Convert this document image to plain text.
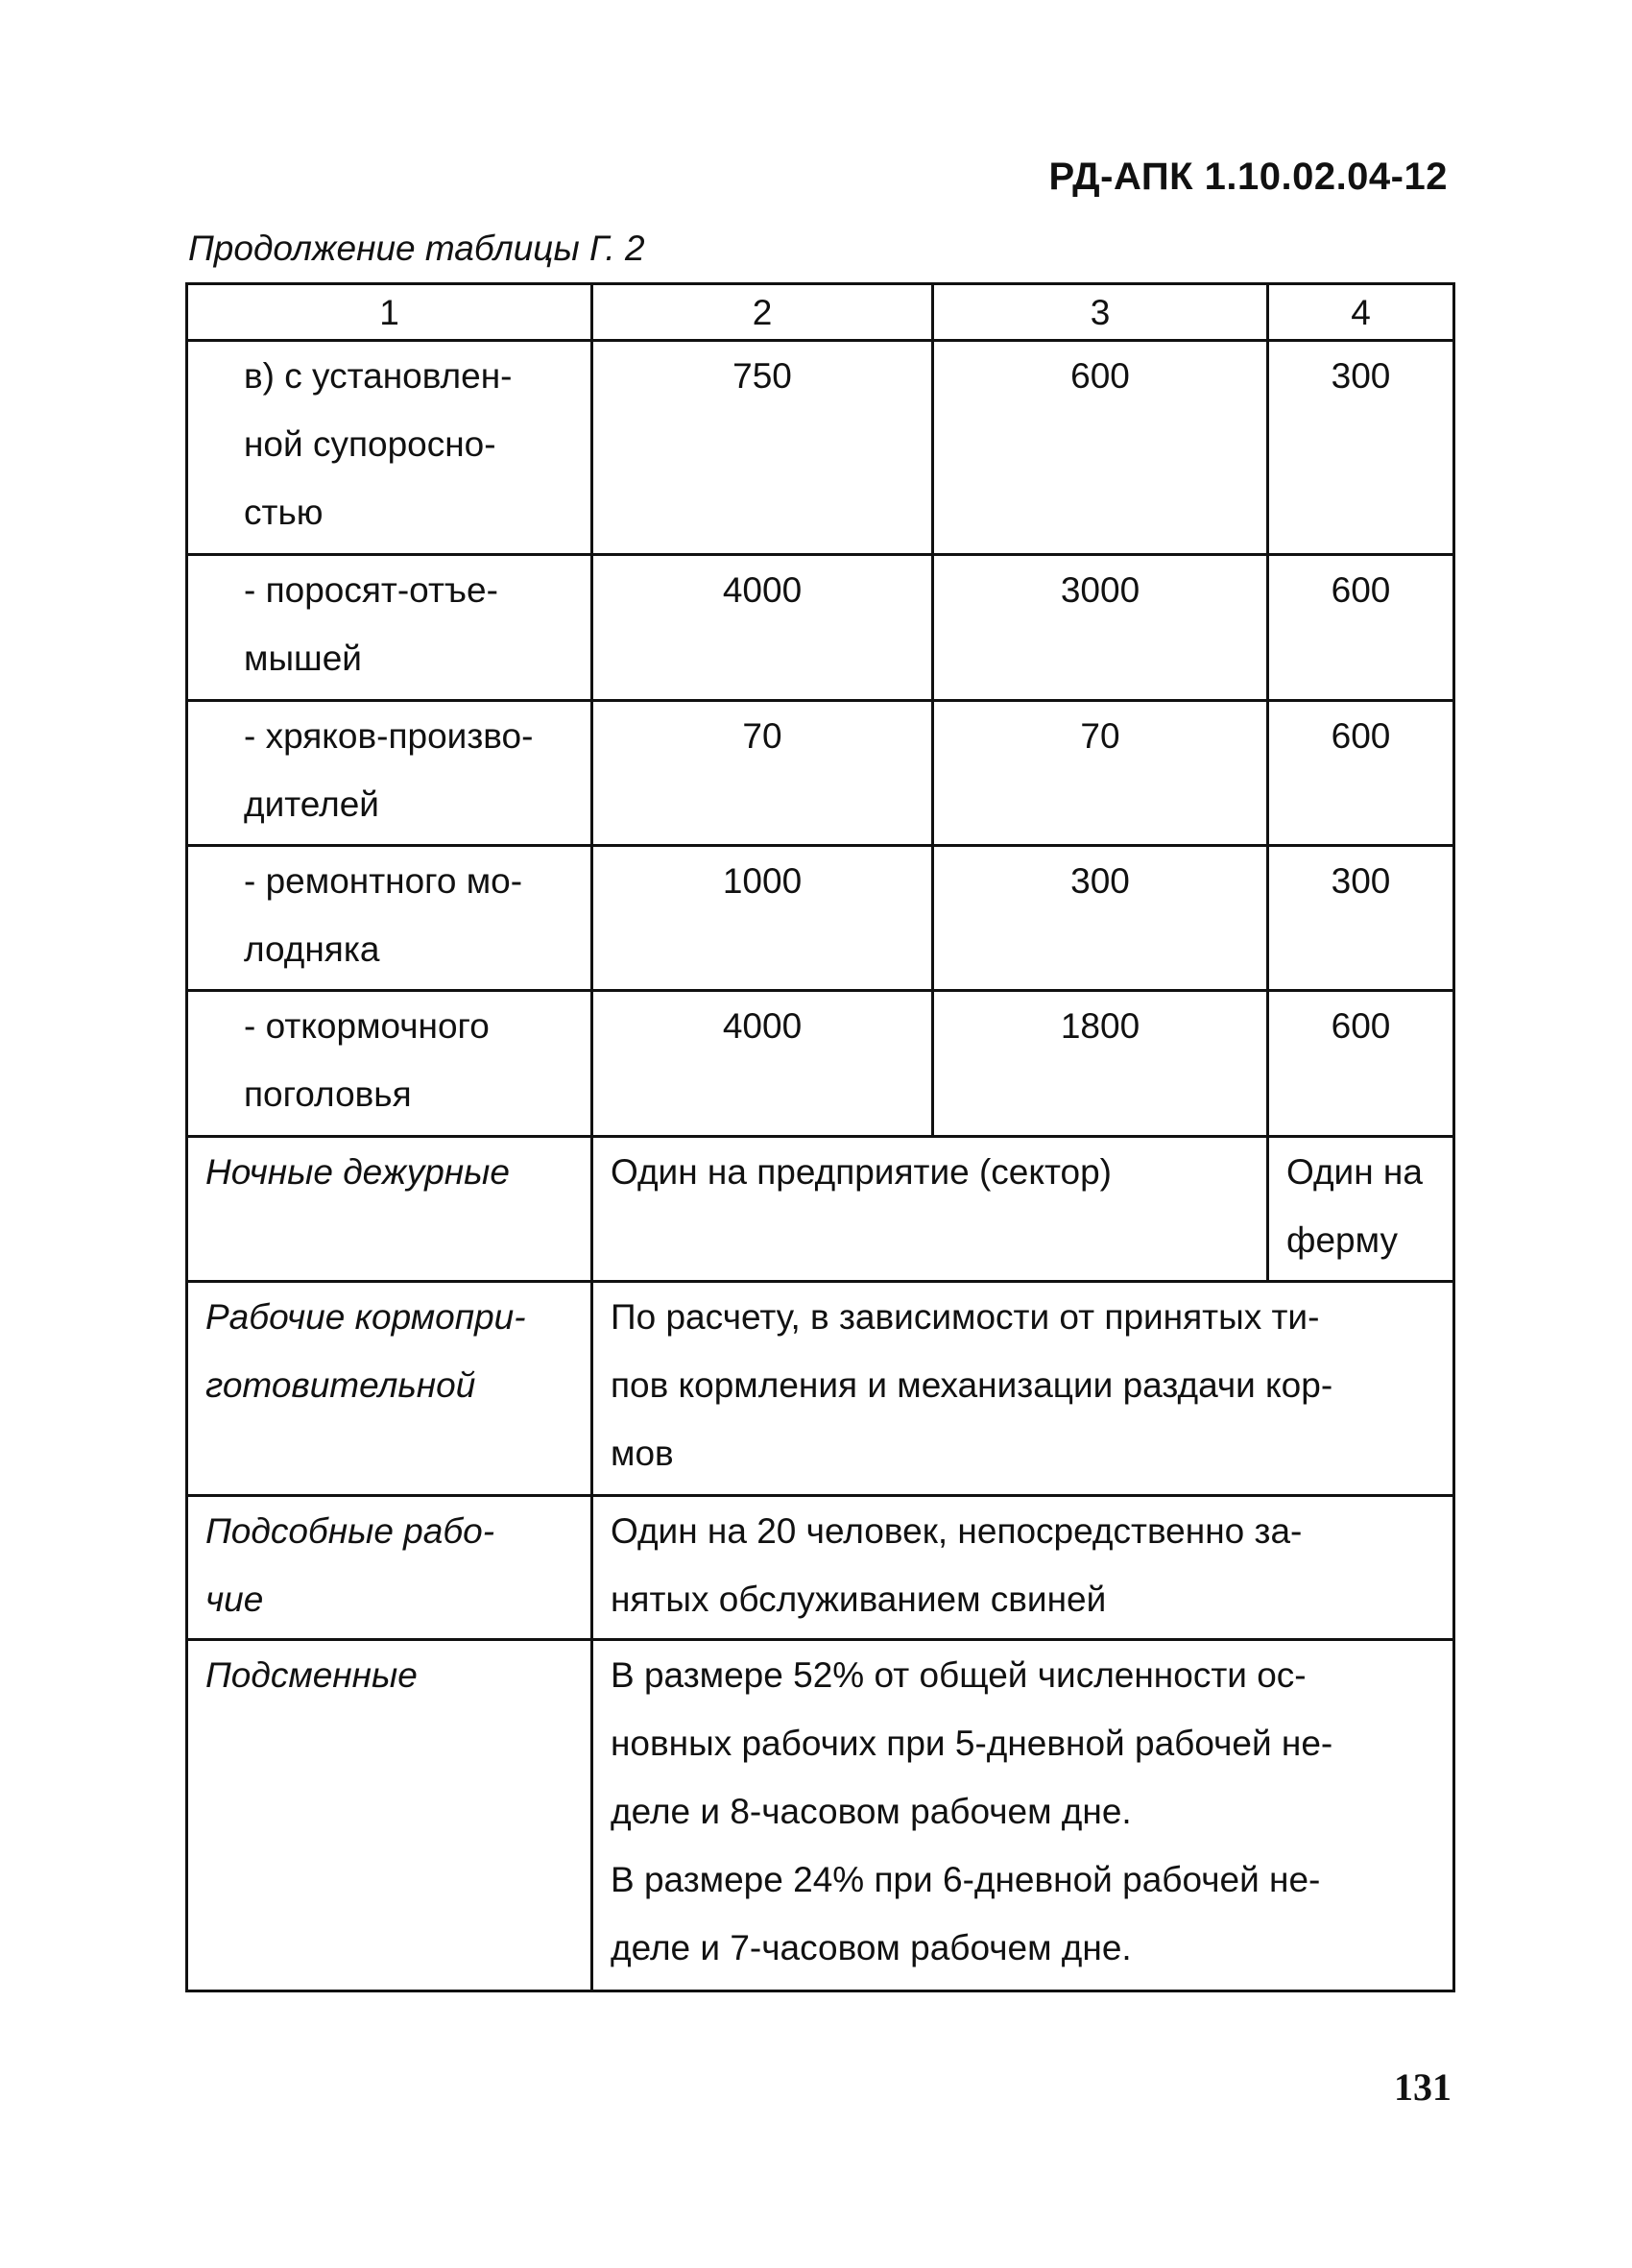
РД-АПК 1.10.02.04-12
Продолжение таблицы Г. 2
1	2	3	4
в) с установлен-
ной супоросно-
стью	750	600	300
- поросят-отъе-
мышей	4000	3000	600
- хряков-произво-
дителей	70	70	600
- ремонтного мо-
лодняка	1000	300	300
- откормочного
поголовья	4000	1800	600
Ночные дежурные	Один на предприятие (сектор)		Один на
ферму
Рабочие кормопри-
готовительной	По расчету, в зависимости от принятых ти-
пов кормления и механизации раздачи кор-
мов		
Подсобные рабо-
чие	Один на 20 человек, непосредственно за-
нятых обслуживанием свиней		
Подсменные	В размере 52% от общей численности ос-
новных рабочих при 5-дневной рабочей не-
деле и 8-часовом рабочем дне.
В размере 24% при 6-дневной рабочей не-
деле и 7-часовом рабочем дне.		
131
